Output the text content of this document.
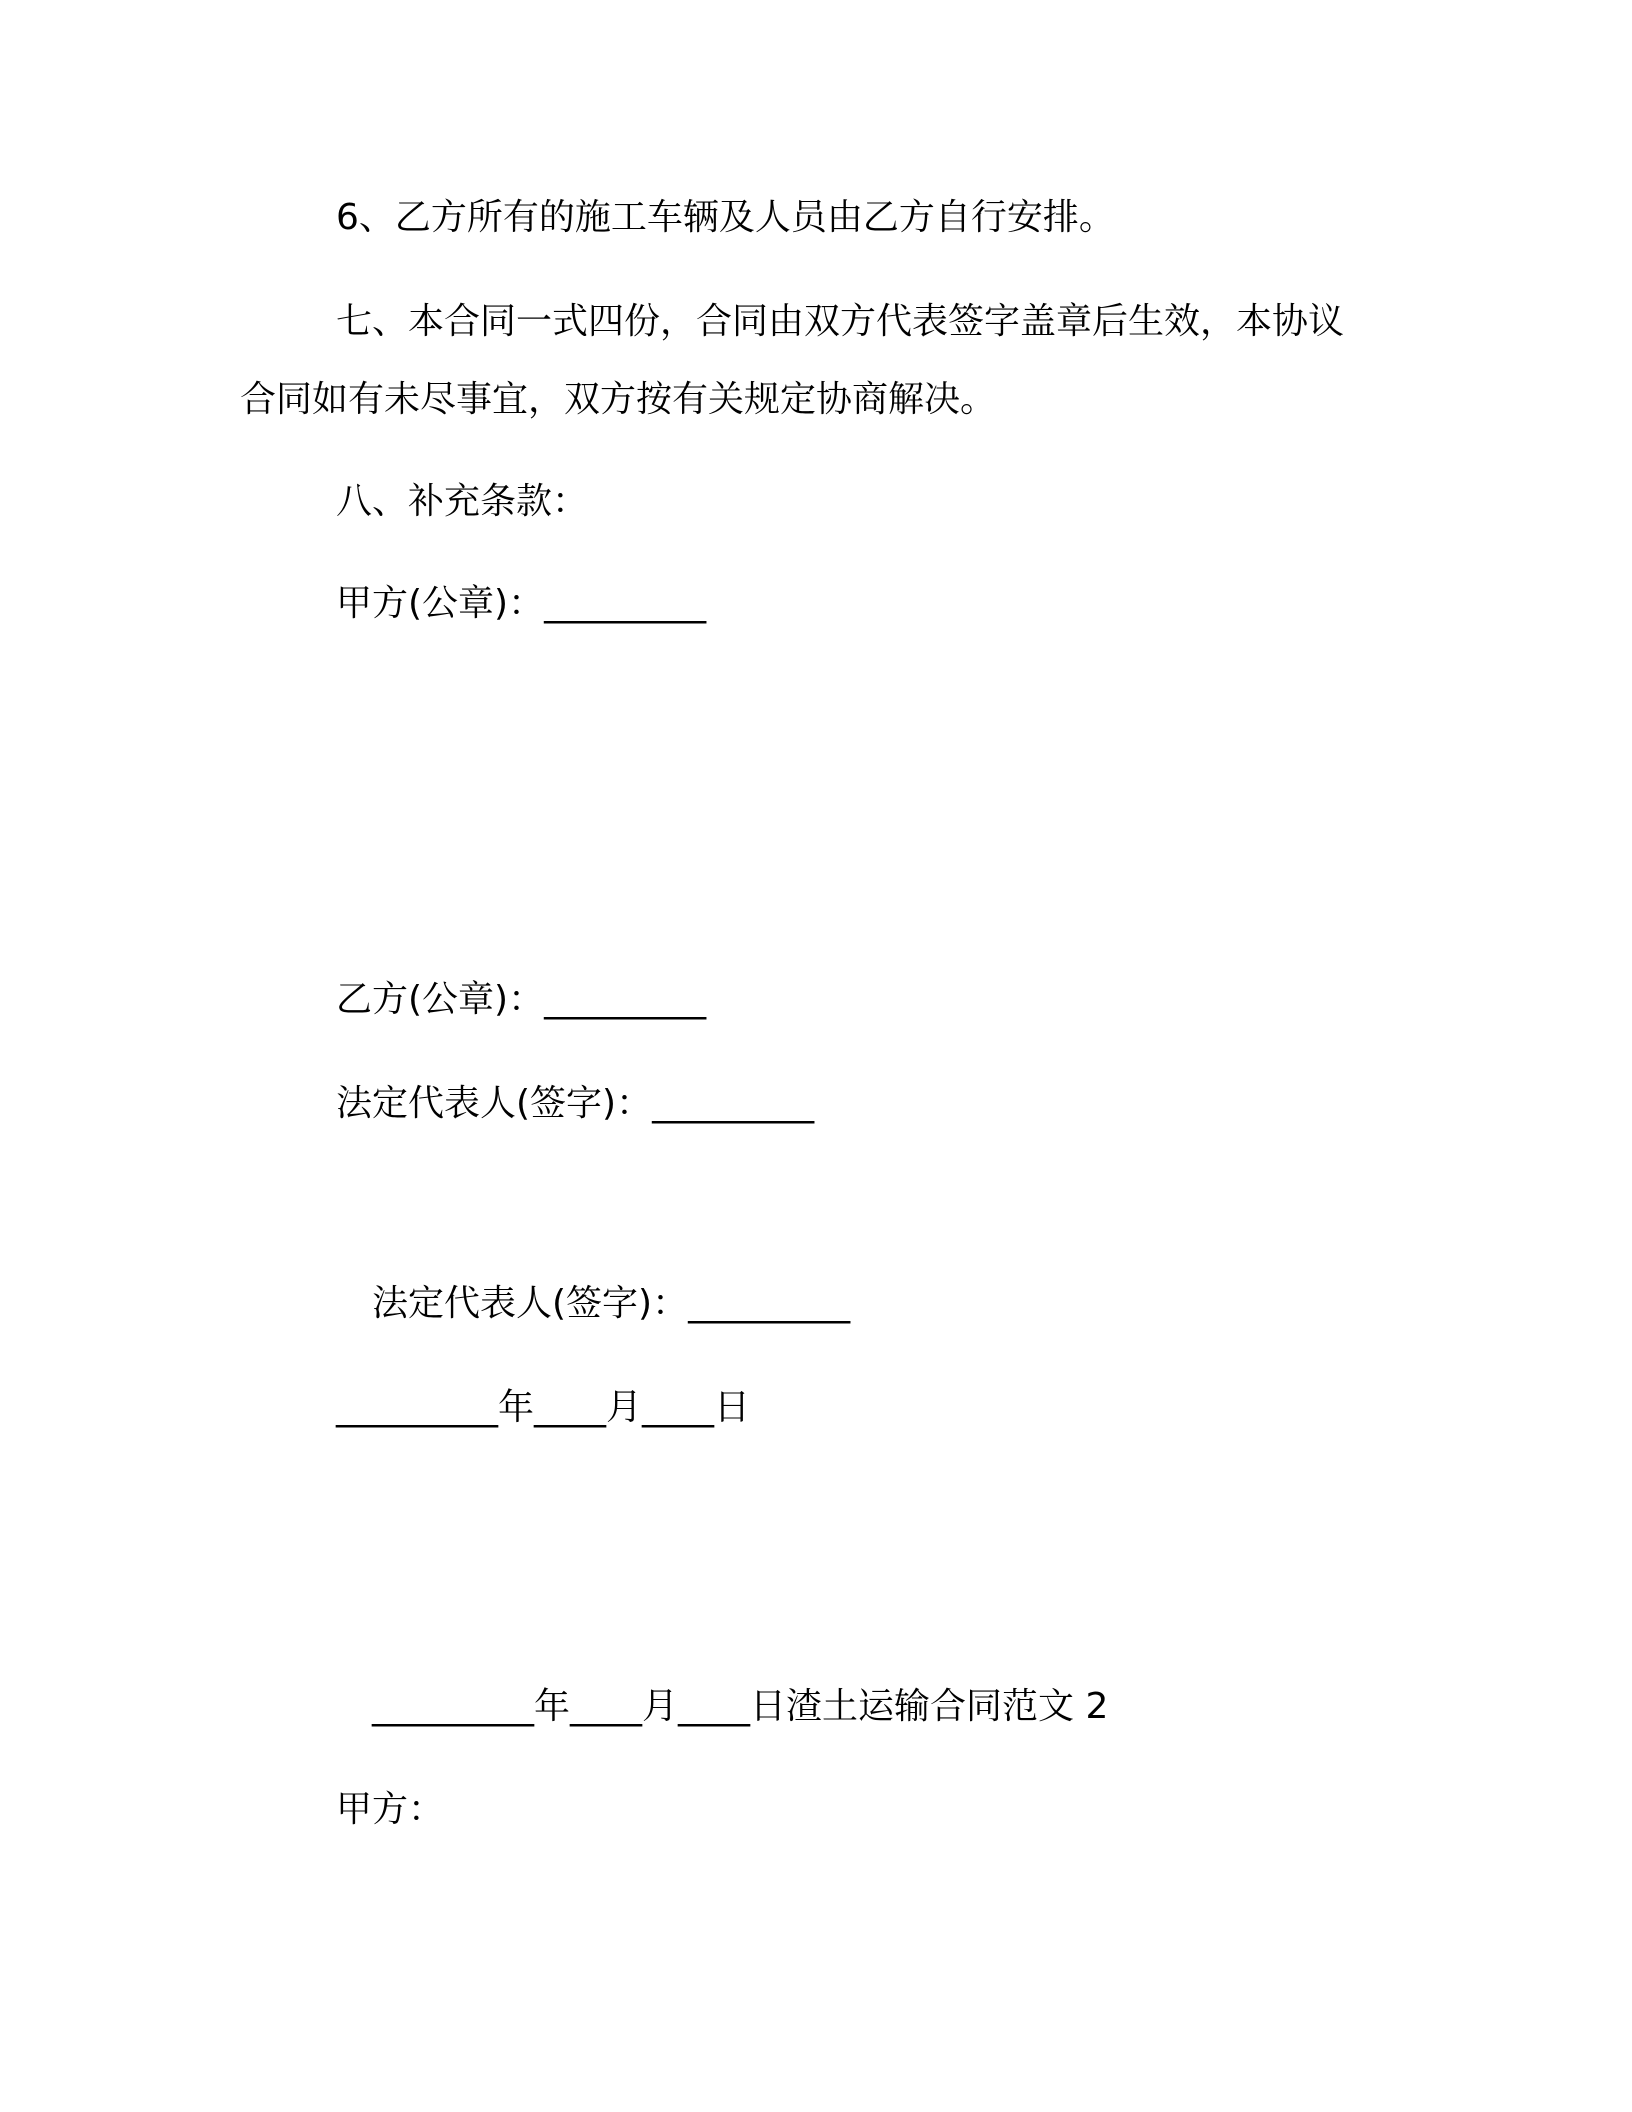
6、乙方所有的施工车辆及人员由乙方自行安排。
七、本合同一式四份，合同由双方代表签字盖章后生效，本协议合同如有未尽事宜，双方按有关规定协商解决。
八、补充条款：
甲方(公章)：_________
乙方(公章)：_________
法定代表人(签字)：_________
法定代表人(签字)：_________
_________年____月____日
_________年____月____日渣土运输合同范文 2
甲方：
